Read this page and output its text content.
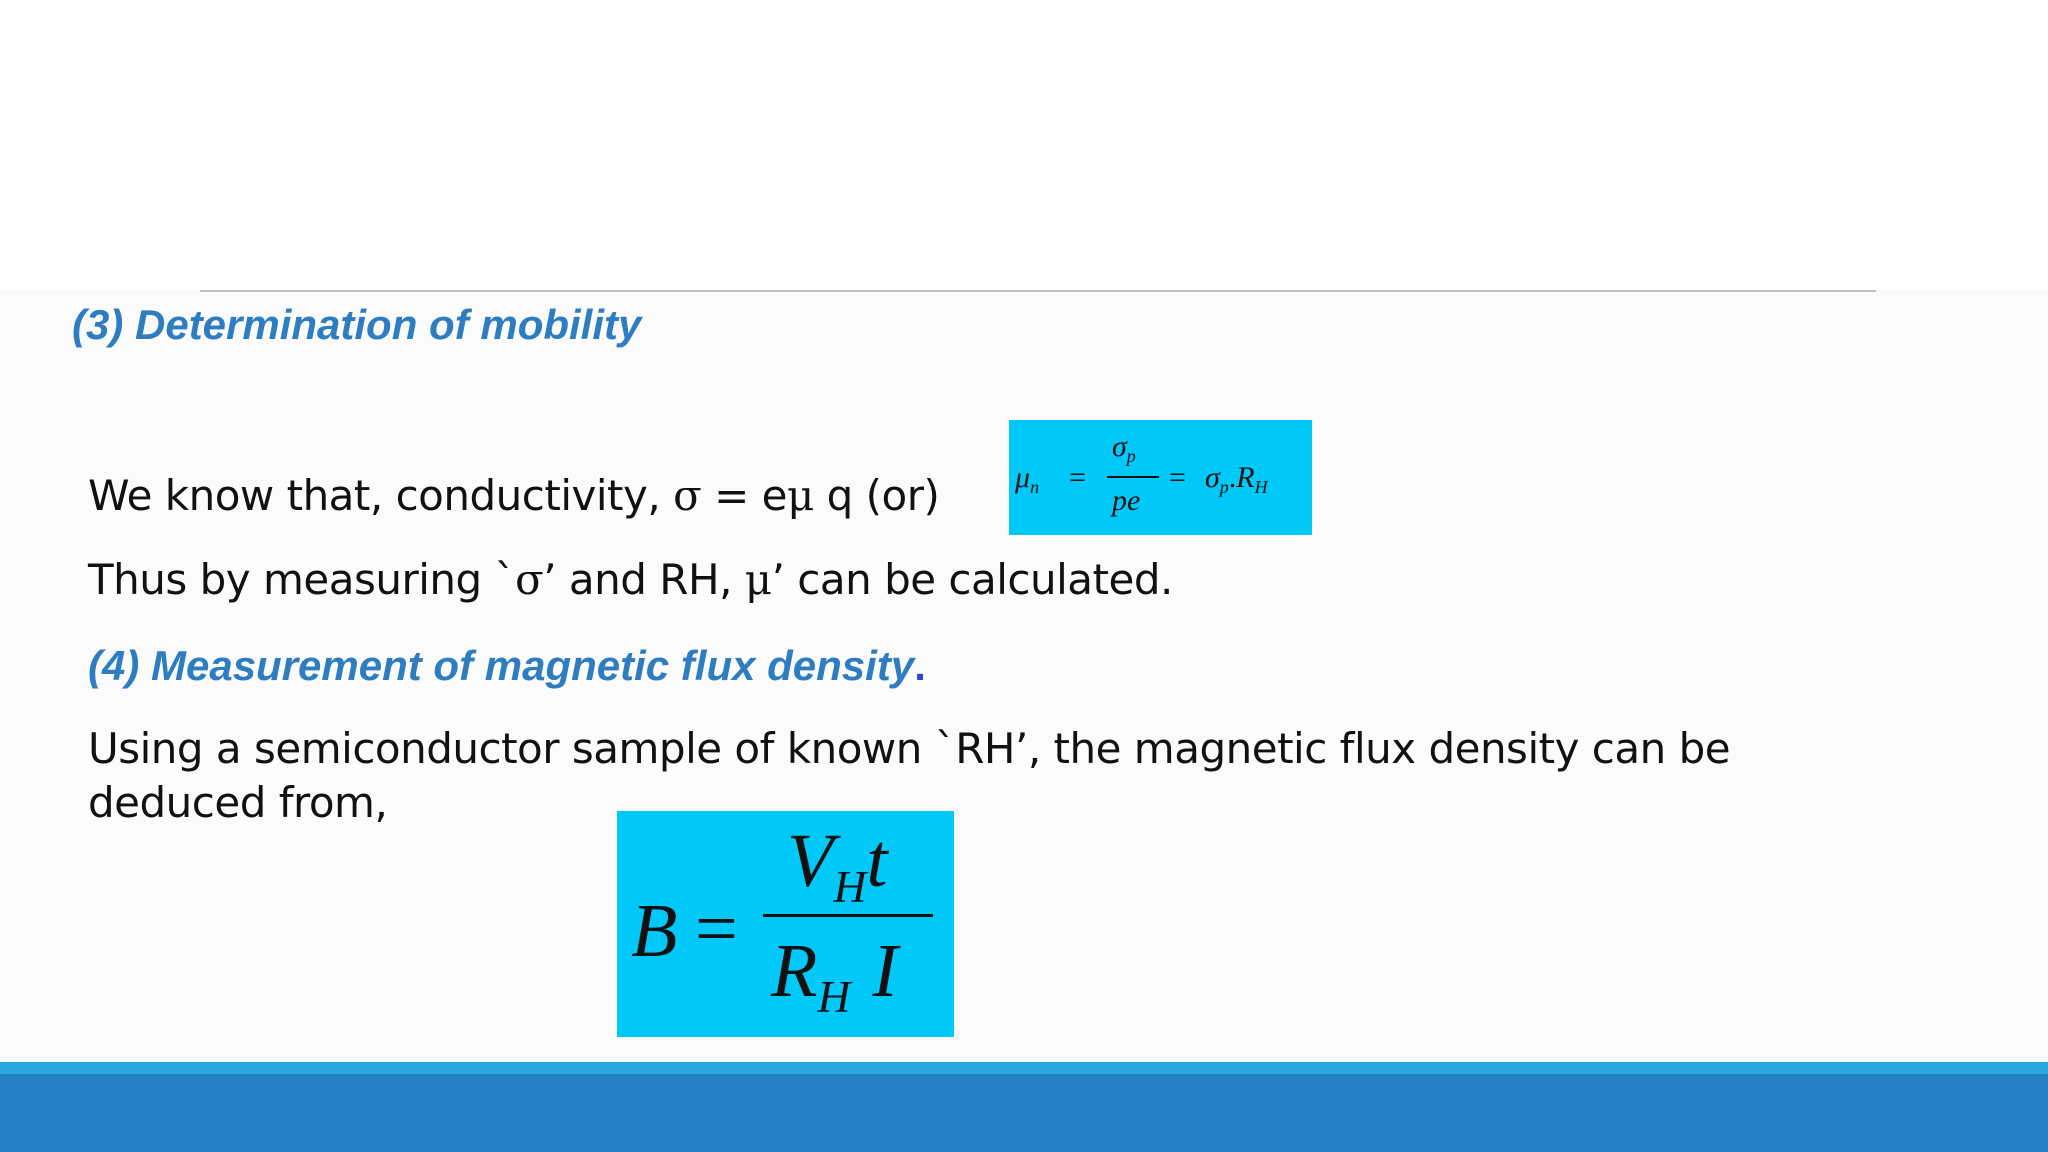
(3) Determination of mobility
We know that, conductivity, σ = eμ q (or)	$\mu_n$ =
$\sigma_p$
pe
= $\sigma_p.R_H$
Thus by measuring `σ’ and RH, μ’ can be calculated.
(4) Measurement of magnetic flux density.
Using a semiconductor sample of known `RH’, the magnetic flux density can be
deduced from,
B =
$V_Ht$
$R_H$ I
